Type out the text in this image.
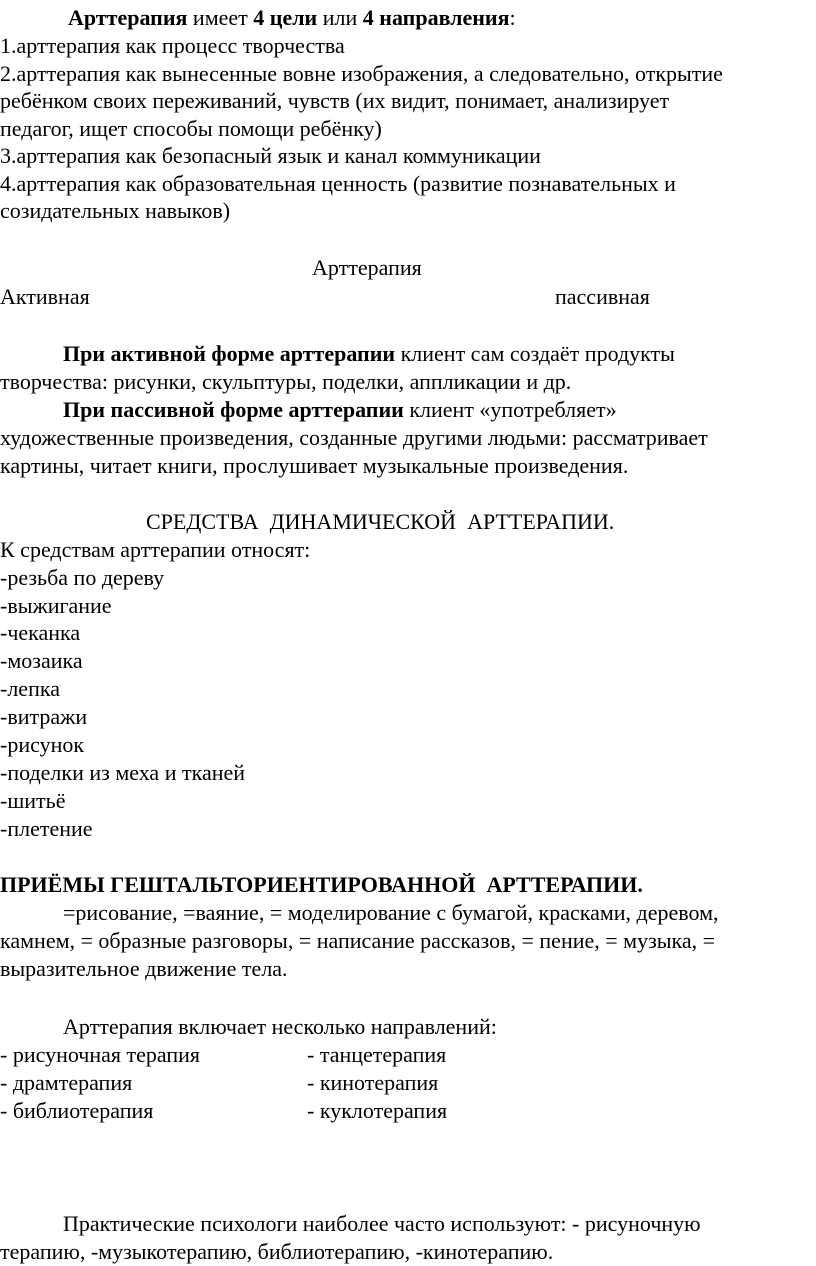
Арттерапия имеет 4 цели или 4 направления:
1.арттерапия как процесс творчества
2.арттерапия как вынесенные вовне изображения, а следовательно, открытие
ребёнком своих переживаний, чувств (их видит, понимает, анализирует
педагог, ищет способы помощи ребёнку)
3.арттерапия как безопасный язык и канал коммуникации
4.арттерапия как образовательная ценность (развитие познавательных и
созидательных навыков)
Арттерапия
Активная	пассивная
При активной форме арттерапии клиент сам создаёт продукты
творчества: рисунки, скульптуры, поделки, аппликации и др.
При пассивной форме арттерапии клиент «употребляет»
художественные произведения, созданные другими людьми: рассматривает
картины, читает книги, прослушивает музыкальные произведения.
СРЕДСТВА  ДИНАМИЧЕСКОЙ  АРТТЕРАПИИ.
К средствам арттерапии относят:
-резьба по дереву
-выжигание
-чеканка
-мозаика
-лепка
-витражи
-рисунок
-поделки из меха и тканей
-шитьё
-плетение
ПРИЁМЫ ГЕШТАЛЬТОРИЕНТИРОВАННОЙ  АРТТЕРАПИИ.
=рисование, =ваяние, = моделирование с бумагой, красками, деревом,
камнем, = образные разговоры, = написание рассказов, = пение, = музыка, =
выразительное движение тела.
Арттерапия включает несколько направлений:
- рисуночная терапия	- танцетерапия
- драмтерапия	- кинотерапия
- библиотерапия	- куклотерапия
Практические психологи наиболее часто используют: - рисуночную
терапию, -музыкотерапию, библиотерапию, -кинотерапию.
